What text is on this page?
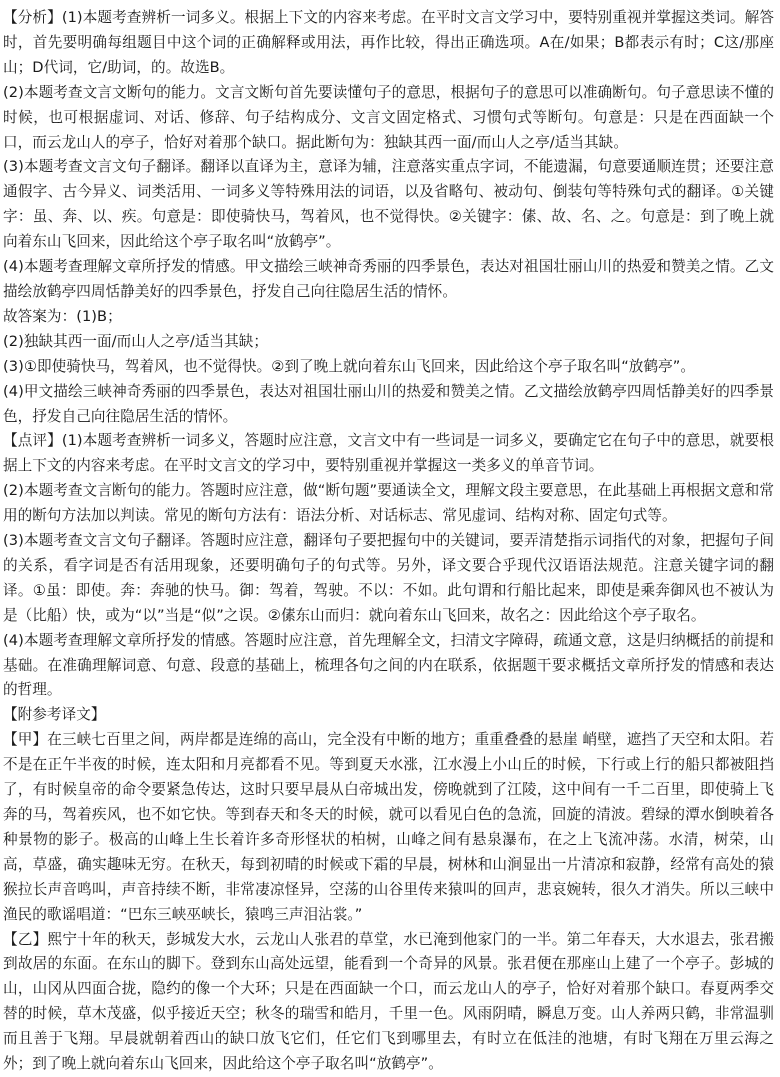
【分析】(1)本题考查辨析一词多义。根据上下文的内容来考虑。在平时文言文学习中，要特别重视并掌握这类词。解答时，首先要明确每组题目中这个词的正确解释或用法，再作比较，得出正确选项。A在/如果；B都表示有时；C这/那座山；D代词，它/助词，的。故选B。

(2)本题考查文言文断句的能力。文言文断句首先要读懂句子的意思，根据句子的意思可以准确断句。句子意思读不懂的时候，也可根据虚词、对话、修辞、句子结构成分、文言文固定格式、习惯句式等断句。句意是：只是在西面缺一个口，而云龙山人的亭子，恰好对着那个缺口。据此断句为：独缺其西一面/而山人之亭/适当其缺。

(3)本题考查文言文句子翻译。翻译以直译为主，意译为辅，注意落实重点字词，不能遗漏，句意要通顺连贯；还要注意通假字、古今异义、词类活用、一词多义等特殊用法的词语，以及省略句、被动句、倒装句等特殊句式的翻译。①关键字：虽、奔、以、疾。句意是：即使骑快马，驾着风，也不觉得快。②关键字：傃、故、名、之。句意是：到了晚上就向着东山飞回来，因此给这个亭子取名叫“放鹤亭”。

(4)本题考查理解文章所抒发的情感。甲文描绘三峡神奇秀丽的四季景色，表达对祖国壮丽山川的热爱和赞美之情。乙文描绘放鹤亭四周恬静美好的四季景色，抒发自己向往隐居生活的情怀。

故答案为：(1)B；

(2)独缺其西一面/而山人之亭/适当其缺；

(3)①即使骑快马，驾着风，也不觉得快。②到了晚上就向着东山飞回来，因此给这个亭子取名叫“放鹤亭”。

(4)甲文描绘三峡神奇秀丽的四季景色，表达对祖国壮丽山川的热爱和赞美之情。乙文描绘放鹤亭四周恬静美好的四季景色，抒发自己向往隐居生活的情怀。

【点评】(1)本题考查辨析一词多义，答题时应注意，文言文中有一些词是一词多义，要确定它在句子中的意思，就要根据上下文的内容来考虑。在平时文言文的学习中，要特别重视并掌握这一类多义的单音节词。

(2)本题考查文言断句的能力。答题时应注意，做“断句题”要通读全文，理解文段主要意思，在此基础上再根据文意和常用的断句方法加以判读。常见的断句方法有：语法分析、对话标志、常见虚词、结构对称、固定句式等。

(3)本题考查文言文句子翻译。答题时应注意，翻译句子要把握句中的关键词，要弄清楚指示词指代的对象，把握句子间的关系，看字词是否有活用现象，还要明确句子的句式等。另外，译文要合乎现代汉语语法规范。注意关键字词的翻译。①虽：即使。奔：奔驰的快马。御：驾着，驾驶。不以：不如。此句谓和行船比起来，即使是乘奔御风也不被认为是（比船）快，或为“以”当是“似”之误。②傃东山而归：就向着东山飞回来，故名之：因此给这个亭子取名。

(4)本题考查理解文章所抒发的情感。答题时应注意，首先理解全文，扫清文字障碍，疏通文意，这是归纳概括的前提和基础。在准确理解词意、句意、段意的基础上，梳理各句之间的内在联系，依据题干要求概括文章所抒发的情感和表达的哲理。

【附参考译文】

【甲】在三峡七百里之间，两岸都是连绵的高山，完全没有中断的地方；重重叠叠的悬崖 峭壁，遮挡了天空和太阳。若不是在正午半夜的时候，连太阳和月亮都看不见。等到夏天水涨，江水漫上小山丘的时候，下行或上行的船只都被阻挡了，有时候皇帝的命令要紧急传达，这时只要早晨从白帝城出发，傍晚就到了江陵，这中间有一千二百里，即使骑上飞奔的马，驾着疾风，也不如它快。等到春天和冬天的时候，就可以看见白色的急流，回旋的清波。碧绿的潭水倒映着各种景物的影子。极高的山峰上生长着许多奇形怪状的柏树，山峰之间有悬泉瀑布，在之上飞流冲荡。水清，树荣，山高，草盛，确实趣味无穷。在秋天，每到初晴的时候或下霜的早晨，树林和山涧显出一片清凉和寂静，经常有高处的猿猴拉长声音鸣叫，声音持续不断，非常凄凉怪异，空荡的山谷里传来猿叫的回声，悲哀婉转，很久才消失。所以三峡中渔民的歌谣唱道：“巴东三峡巫峡长，猿鸣三声泪沾裳。”

【乙】熙宁十年的秋天，彭城发大水，云龙山人张君的草堂，水已淹到他家门的一半。第二年春天，大水退去，张君搬到故居的东面。在东山的脚下。登到东山高处远望，能看到一个奇异的风景。张君便在那座山上建了一个亭子。彭城的山，山冈从四面合拢，隐约的像一个大环；只是在西面缺一个口，而云龙山人的亭子，恰好对着那个缺口。春夏两季交替的时候，草木茂盛，似乎接近天空；秋冬的瑞雪和皓月，千里一色。风雨阴晴，瞬息万变。山人养两只鹤，非常温驯而且善于飞翔。早晨就朝着西山的缺口放飞它们，任它们飞到哪里去，有时立在低洼的池塘，有时飞翔在万里云海之外；到了晚上就向着东山飞回来，因此给这个亭子取名叫“放鹤亭”。
